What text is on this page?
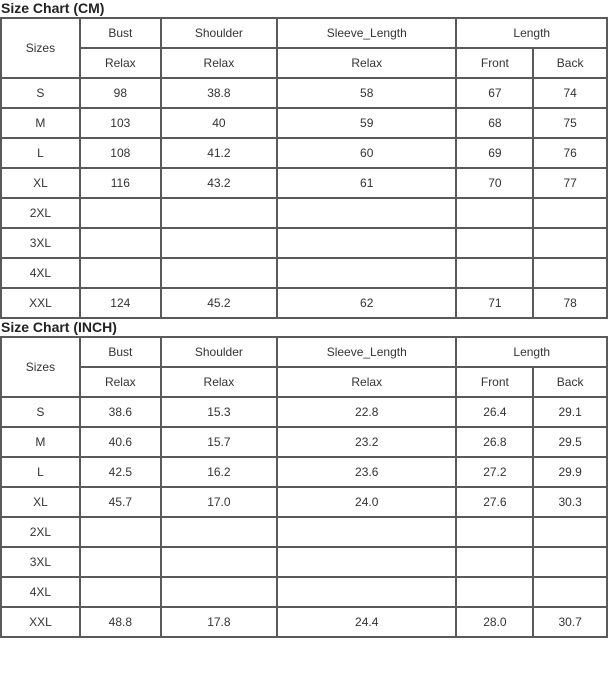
Size Chart (CM)
Sizes	Bust	Shoulder	Sleeve_Length	Length	
	Relax	Relax	Relax	Front	Back
S	98	38.8	58	67	74
M	103	40	59	68	75
L	108	41.2	60	69	76
XL	116	43.2	61	70	77
2XL					
3XL					
4XL					
XXL	124	45.2	62	71	78
Size Chart (INCH)
Sizes	Bust	Shoulder	Sleeve_Length	Length	
	Relax	Relax	Relax	Front	Back
S	38.6	15.3	22.8	26.4	29.1
M	40.6	15.7	23.2	26.8	29.5
L	42.5	16.2	23.6	27.2	29.9
XL	45.7	17.0	24.0	27.6	30.3
2XL					
3XL					
4XL					
XXL	48.8	17.8	24.4	28.0	30.7
